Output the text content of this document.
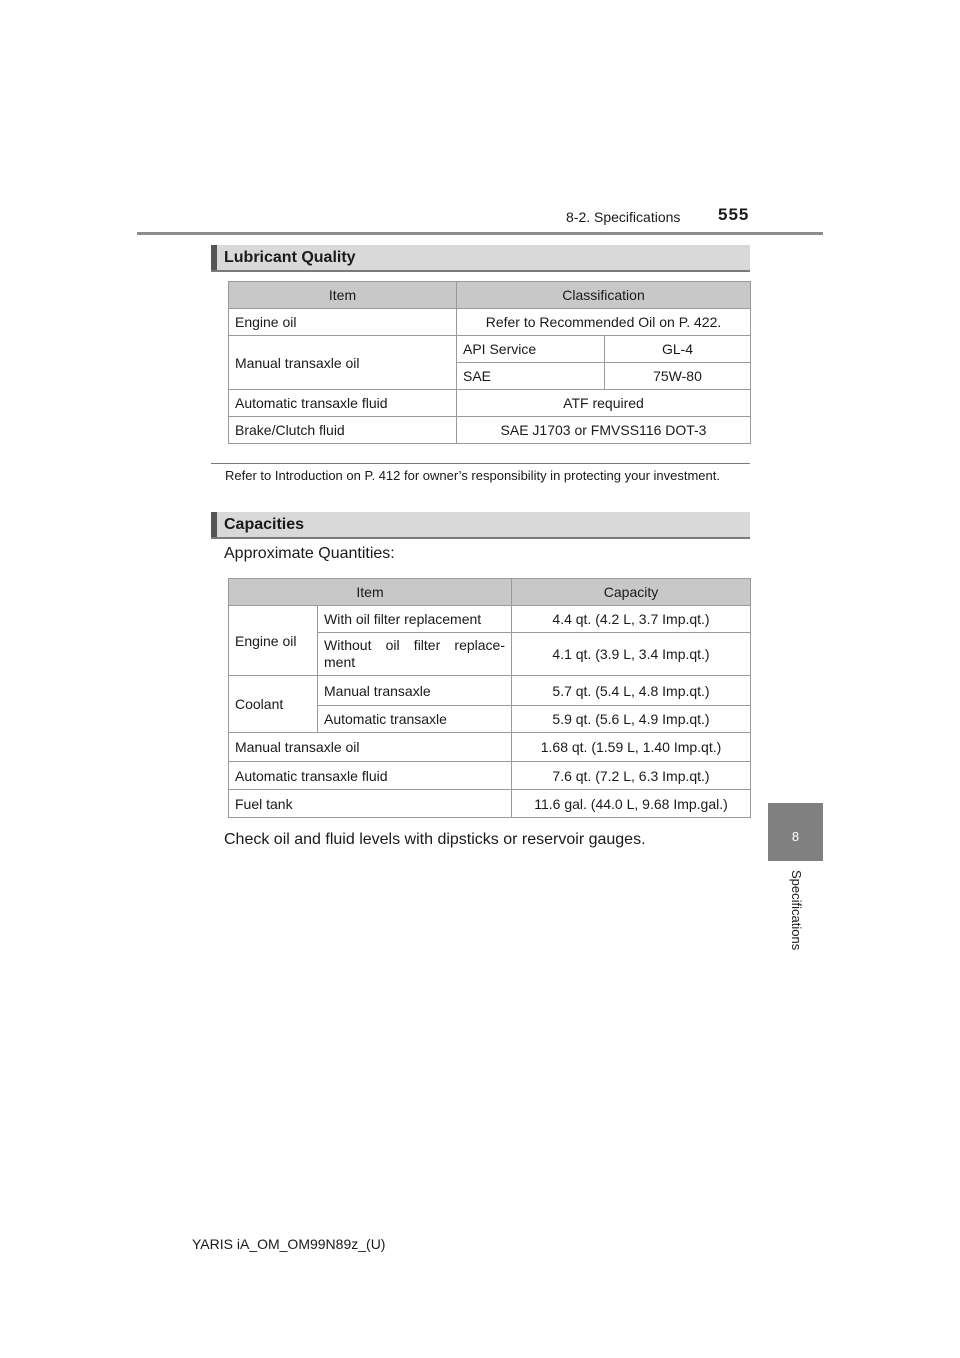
8-2. Specifications 555
8
Specifications
Lubricant Quality
Item	Classification	
Engine oil	Refer to Recommended Oil on P. 422.	
Manual transaxle oil	API Service	GL-4
	SAE	75W-80
Automatic transaxle fluid	ATF required	
Brake/Clutch fluid	SAE J1703 or FMVSS116 DOT-3	
Refer to Introduction on P. 412 for owner’s responsibility in protecting your investment.
Capacities
Approximate Quantities:
Item		Capacity
Engine oil	With oil filter replacement	4.4 qt. (4.2 L, 3.7 Imp.qt.)
	Without oil filter replace-ment	4.1 qt. (3.9 L, 3.4 Imp.qt.)
Coolant	Manual transaxle	5.7 qt. (5.4 L, 4.8 Imp.qt.)
	Automatic transaxle	5.9 qt. (5.6 L, 4.9 Imp.qt.)
Manual transaxle oil		1.68 qt. (1.59 L, 1.40 Imp.qt.)
Automatic transaxle fluid		7.6 qt. (7.2 L, 6.3 Imp.qt.)
Fuel tank		11.6 gal. (44.0 L, 9.68 Imp.gal.)
Check oil and fluid levels with dipsticks or reservoir gauges.
YARIS iA_OM_OM99N89z_(U)
